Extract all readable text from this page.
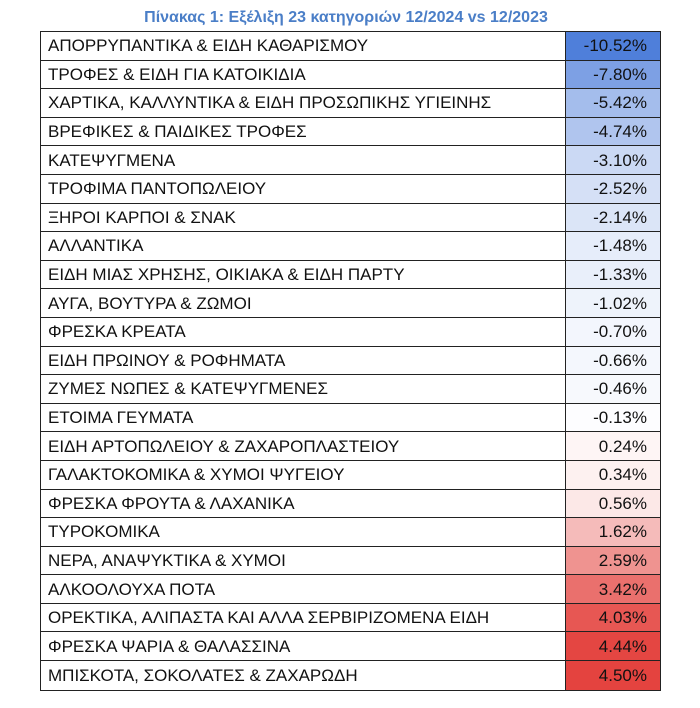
Πίνακας 1: Εξέλιξη 23 κατηγοριών 12/2024 vs 12/2023
ΑΠΟΡΡΥΠΑΝΤΙΚΑ & ΕΙΔΗ ΚΑΘΑΡΙΣΜΟΥ	-10.52%
ΤΡΟΦΕΣ & ΕΙΔΗ ΓΙΑ ΚΑΤΟΙΚΙΔΙΑ	-7.80%
ΧΑΡΤΙΚΑ, ΚΑΛΛΥΝΤΙΚΑ & ΕΙΔΗ ΠΡΟΣΩΠΙΚΗΣ ΥΓΙΕΙΝΗΣ	-5.42%
ΒΡΕΦΙΚΕΣ & ΠΑΙΔΙΚΕΣ ΤΡΟΦΕΣ	-4.74%
ΚΑΤΕΨΥΓΜΕΝΑ	-3.10%
ΤΡΟΦΙΜΑ ΠΑΝΤΟΠΩΛΕΙΟΥ	-2.52%
ΞΗΡΟΙ ΚΑΡΠΟΙ & ΣΝΑΚ	-2.14%
ΑΛΛΑΝΤΙΚΑ	-1.48%
ΕΙΔΗ ΜΙΑΣ ΧΡΗΣΗΣ, ΟΙΚΙΑΚΑ & ΕΙΔΗ ΠΑΡΤΥ	-1.33%
ΑΥΓΑ, ΒΟΥΤΥΡΑ & ΖΩΜΟΙ	-1.02%
ΦΡΕΣΚΑ ΚΡΕΑΤΑ	-0.70%
ΕΙΔΗ ΠΡΩΙΝΟΥ & ΡΟΦΗΜΑΤΑ	-0.66%
ΖΥΜΕΣ ΝΩΠΕΣ & ΚΑΤΕΨΥΓΜΕΝΕΣ	-0.46%
ΕΤΟΙΜΑ ΓΕΥΜΑΤΑ	-0.13%
ΕΙΔΗ ΑΡΤΟΠΩΛΕΙΟΥ & ΖΑΧΑΡΟΠΛΑΣΤΕΙΟΥ	0.24%
ΓΑΛΑΚΤΟΚΟΜΙΚΑ & ΧΥΜΟΙ ΨΥΓΕΙΟΥ	0.34%
ΦΡΕΣΚΑ ΦΡΟΥΤΑ & ΛΑΧΑΝΙΚΑ	0.56%
ΤΥΡΟΚΟΜΙΚΑ	1.62%
ΝΕΡΑ, ΑΝΑΨΥΚΤΙΚΑ & ΧΥΜΟΙ	2.59%
ΑΛΚΟΟΛΟΥΧΑ ΠΟΤΑ	3.42%
ΟΡΕΚΤΙΚΑ, ΑΛΙΠΑΣΤΑ ΚΑΙ ΑΛΛΑ ΣΕΡΒΙΡΙΖΟΜΕΝΑ ΕΙΔΗ	4.03%
ΦΡΕΣΚΑ ΨΑΡΙΑ & ΘΑΛΑΣΣΙΝΑ	4.44%
ΜΠΙΣΚΟΤΑ, ΣΟΚΟΛΑΤΕΣ & ΖΑΧΑΡΩΔΗ	4.50%
